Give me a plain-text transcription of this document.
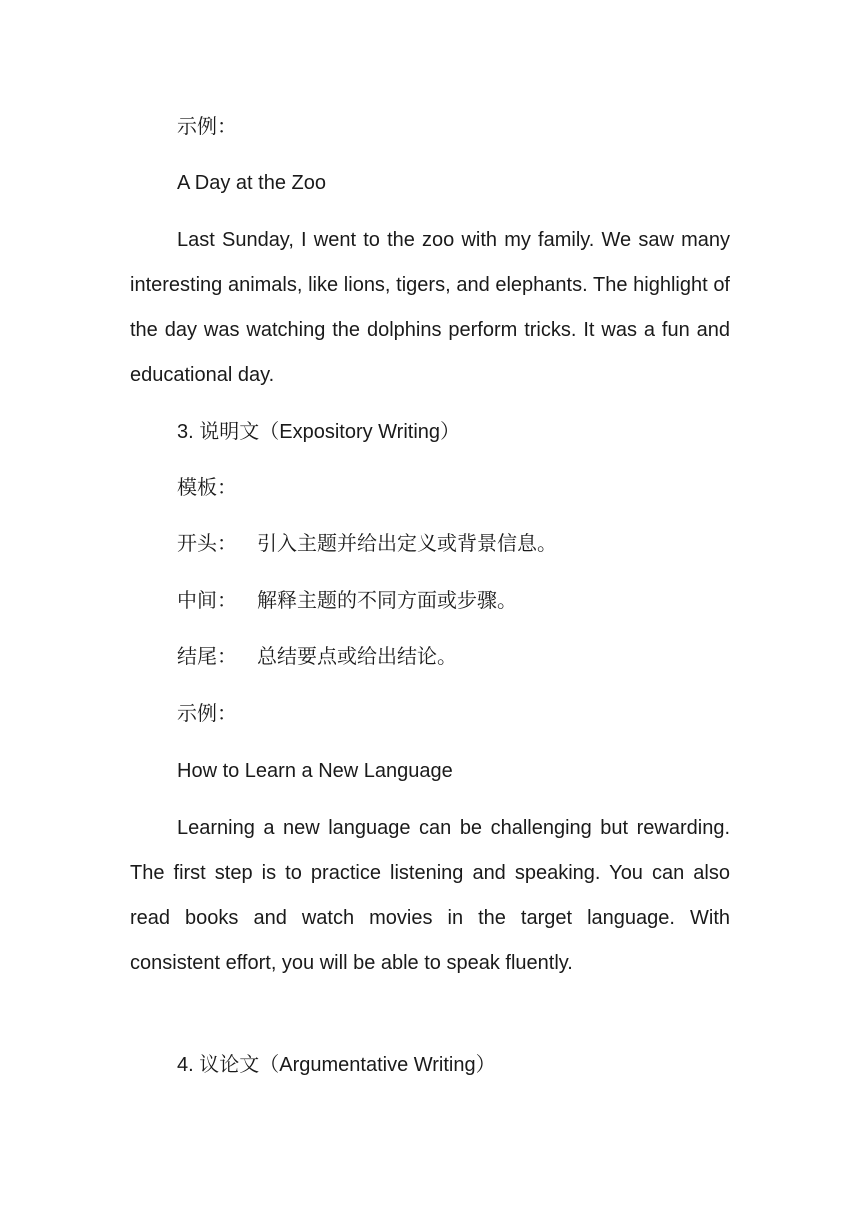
示例：

A Day at the Zoo

Last Sunday, I went to the zoo with my family. We saw many interesting animals, like lions, tigers, and elephants. The highlight of the day was watching the dolphins perform tricks. It was a fun and educational day.

3. 说明文（Expository Writing）

模板：

开头： 引入主题并给出定义或背景信息。
中间： 解释主题的不同方面或步骤。
结尾： 总结要点或给出结论。

示例：

How to Learn a New Language

Learning a new language can be challenging but rewarding. The first step is to practice listening and speaking. You can also read books and watch movies in the target language. With consistent effort, you will be able to speak fluently.

4. 议论文（Argumentative Writing）
